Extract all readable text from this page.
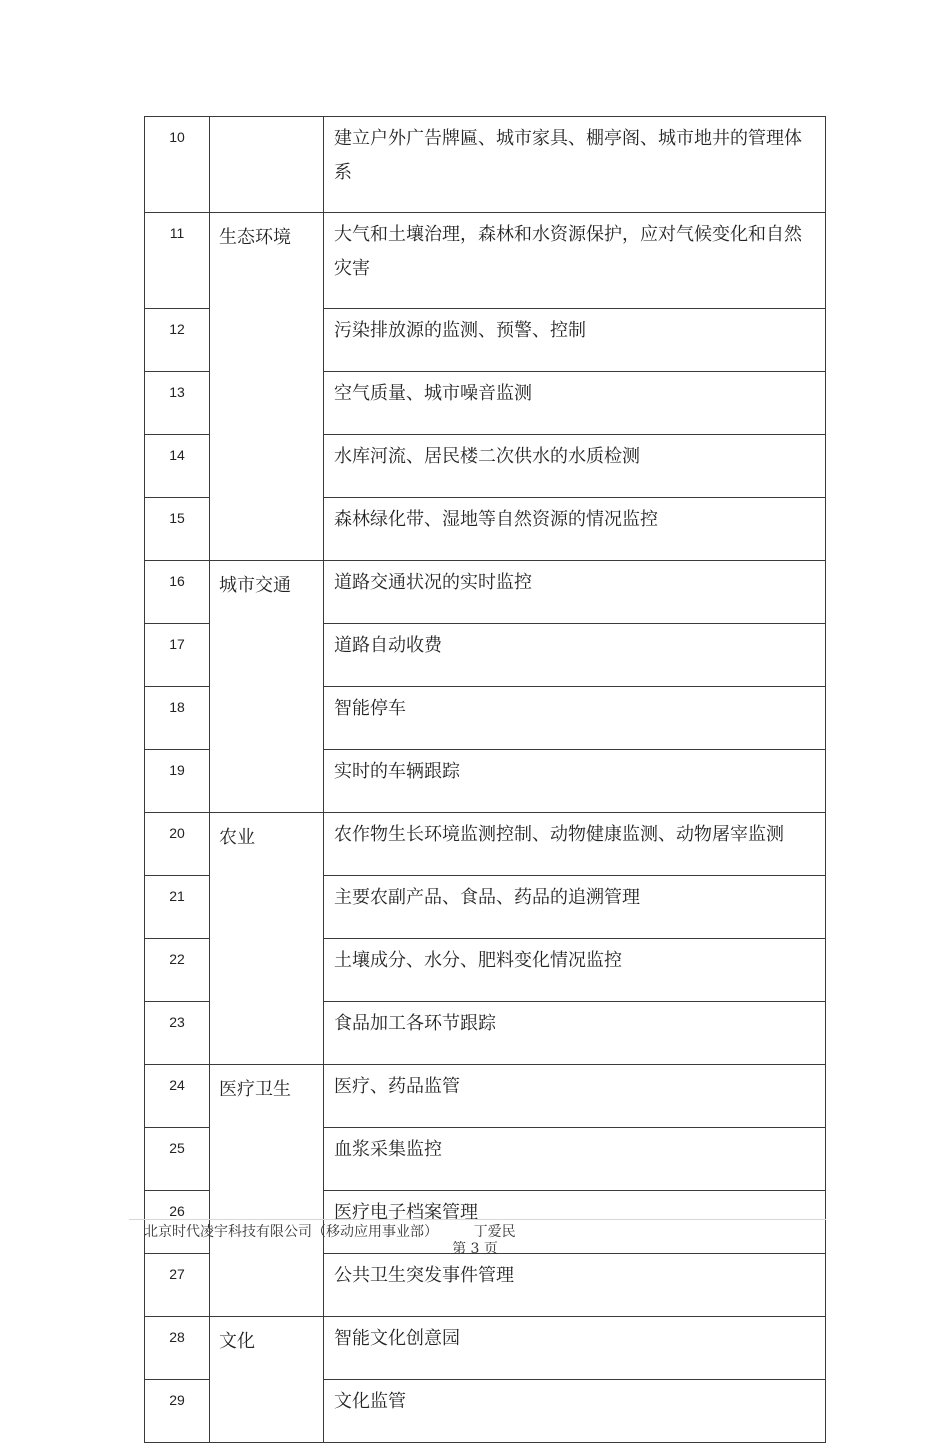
10		建立户外广告牌匾、城市家具、棚亭阁、城市地井的管理体系
11	生态环境	大气和土壤治理，森林和水资源保护，应对气候变化和自然灾害
12		污染排放源的监测、预警、控制
13		空气质量、城市噪音监测
14		水库河流、居民楼二次供水的水质检测
15		森林绿化带、湿地等自然资源的情况监控
16	城市交通	道路交通状况的实时监控
17		道路自动收费
18		智能停车
19		实时的车辆跟踪
20	农业	农作物生长环境监测控制、动物健康监测、动物屠宰监测
21		主要农副产品、食品、药品的追溯管理
22		土壤成分、水分、肥料变化情况监控
23		食品加工各环节跟踪
24	医疗卫生	医疗、药品监管
25		血浆采集监控
26		医疗电子档案管理
27		公共卫生突发事件管理
28	文化	智能文化创意园
29		文化监管
北京时代凌宇科技有限公司（移动应用事业部）	丁爱民
第 3 页
